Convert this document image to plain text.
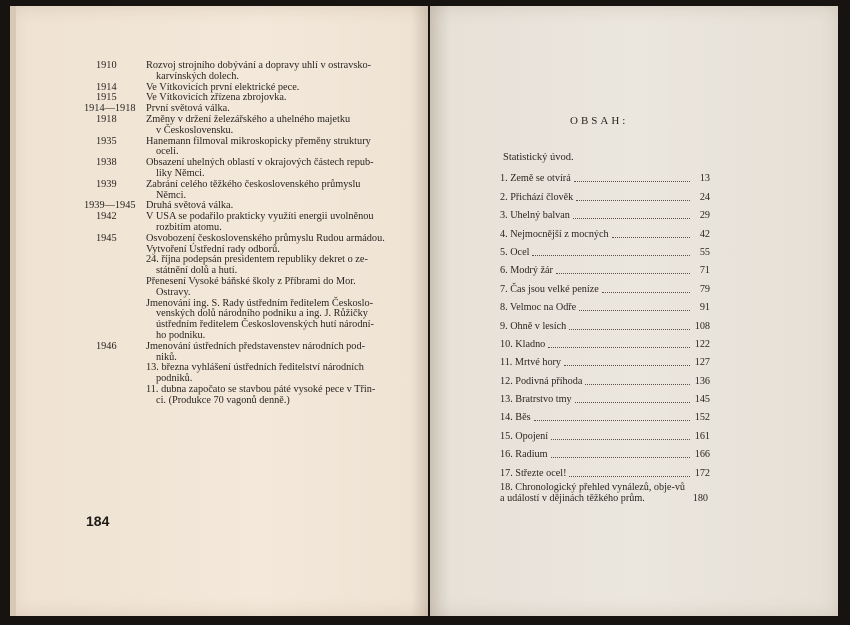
1910	Rozvoj strojního dobývání a dopravy uhlí v ostravsko-
karvínských dolech.

1914	Ve Vítkovicích první elektrické pece.

1915	Ve Vítkovicích zřízena zbrojovka.

1914—1918	První světová válka.

1918	Změny v držení železářského a uhelného majetku
v Československu.

1935	Hanemann filmoval mikroskopicky přeměny struktury
oceli.

1938	Obsazení uhelných oblastí v okrajových částech repub-
liky Němci.

1939	Zabrání celého těžkého československého průmyslu
Němci.

1939—1945	Druhá světová válka.

1942	V USA se podařilo prakticky využíti energii uvolněnou
rozbitím atomu.

1945	Osvobození československého průmyslu Rudou armádou.

Vytvoření Ústřední rady odborů.

24. října podepsán presidentem republiky dekret o ze-
státnění dolů a hutí.

Přenesení Vysoké báňské školy z Příbrami do Mor.
Ostravy.

Jmenování ing. S. Rady ústředním ředitelem Českoslo-
venských dolů národního podniku a ing. J. Růžičky
ústředním ředitelem Československých hutí národní-
ho podniku.

1946	Jmenování ústředních představenstev národních pod-
niků.

13. března vyhlášení ústředních ředitelství národních
podniků.

11. dubna započato se stavbou páté vysoké pece v Třin-
ci. (Produkce 70 vagonů denně.)

184
OBSAH:
Statistický úvod.
1. Země se otvírá	13
2. Přichází člověk	24
3. Uhelný balvan	29
4. Nejmocnější z mocných	42
5. Ocel	55
6. Modrý žár	71
7. Čas jsou velké peníze	79
8. Velmoc na Odře	91
9. Ohně v lesích	108
10. Kladno	122
11. Mrtvé hory	127
12. Podivná příhoda	136
13. Bratrstvo tmy	145
14. Běs	152
15. Opojení	161
16. Radium	166
17. Střezte ocel!	172
18. Chronologický přehled vynálezů, obje-vů a událostí v dějinách těžkého prům.	180
